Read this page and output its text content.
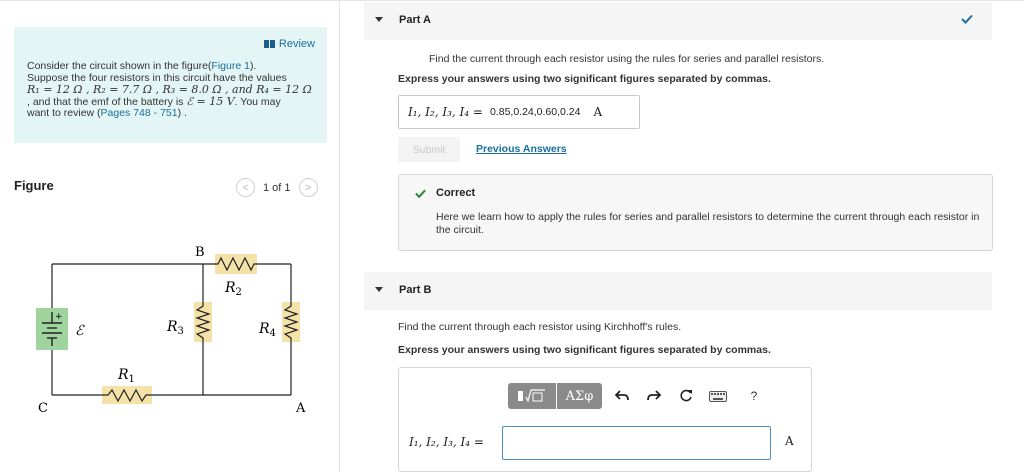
Review
Consider the circuit shown in the figure(Figure 1).
Suppose the four resistors in this circuit have the values
R₁ = 12 Ω , R₂ = 7.7 Ω , R₃ = 8.0 Ω , and R₄ = 12 Ω
, and that the emf of the battery is ℰ = 15 V. You may
want to review (Pages 748 - 751) .
Figure	<	1 of 1	>
+
ℰ
$R_2$
$R_1$
$R_3$	$R_4$
B
C	A
Part A
Find the current through each resistor using the rules for series and parallel resistors.
Express your answers using two significant figures separated by commas.
I₁, I₂, I₃, I₄ = 0.85,0.24,0.60,0.24 A
Submit	Previous Answers
Correct
Here we learn how to apply the rules for series and parallel resistors to determine the current through each resistor in the circuit.
Part B
Find the current through each resistor using Kirchhoff's rules.
Express your answers using two significant figures separated by commas.
ΑΣφ	?
I₁, I₂, I₃, I₄ =	A
